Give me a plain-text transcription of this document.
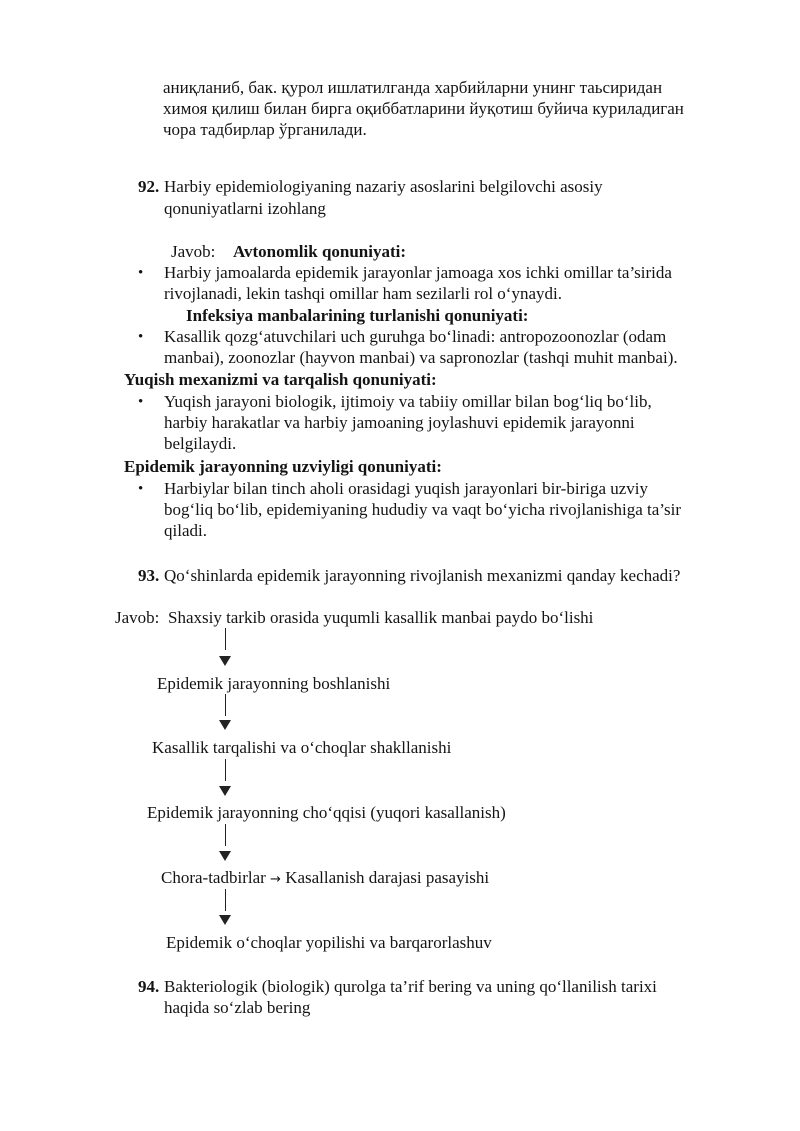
аниқланиб, бак. қурол ишлатилганда харбийларни унинг таьсиридан
химоя қилиш билан бирга оқиббатларини йуқотиш буйича куриладиган
чора тадбирлар ўрганилади.
92. Harbiy epidemiologiyaning nazariy asoslarini belgilovchi asosiy
qonuniyatlarni izohlang
Javob: Avtonomlik qonuniyati:
• Harbiy jamoalarda epidemik jarayonlar jamoaga xos ichki omillar ta’sirida
rivojlanadi, lekin tashqi omillar ham sezilarli rol oʻynaydi.
Infeksiya manbalarining turlanishi qonuniyati:
• Kasallik qozgʻatuvchilari uch guruhga boʻlinadi: antropozoonozlar (odam
manbai), zoonozlar (hayvon manbai) va sapronozlar (tashqi muhit manbai).
Yuqish mexanizmi va tarqalish qonuniyati:
• Yuqish jarayoni biologik, ijtimoiy va tabiiy omillar bilan bogʻliq boʻlib,
harbiy harakatlar va harbiy jamoaning joylashuvi epidemik jarayonni
belgilaydi.
Epidemik jarayonning uzviyligi qonuniyati:
• Harbiylar bilan tinch aholi orasidagi yuqish jarayonlari bir-biriga uzviy
bogʻliq boʻlib, epidemiyaning hududiy va vaqt boʻyicha rivojlanishiga ta’sir
qiladi.
93. Qoʻshinlarda epidemik jarayonning rivojlanish mexanizmi qanday kechadi?
Javob: Shaxsiy tarkib orasida yuqumli kasallik manbai paydo boʻlishi
Epidemik jarayonning boshlanishi
Kasallik tarqalishi va oʻchoqlar shakllanishi
Epidemik jarayonning choʻqqisi (yuqori kasallanish)
Chora-tadbirlar → Kasallanish darajasi pasayishi
Epidemik oʻchoqlar yopilishi va barqarorlashuv
94. Bakteriologik (biologik) qurolga ta’rif bering va uning qoʻllanilish tarixi
haqida soʻzlab bering
